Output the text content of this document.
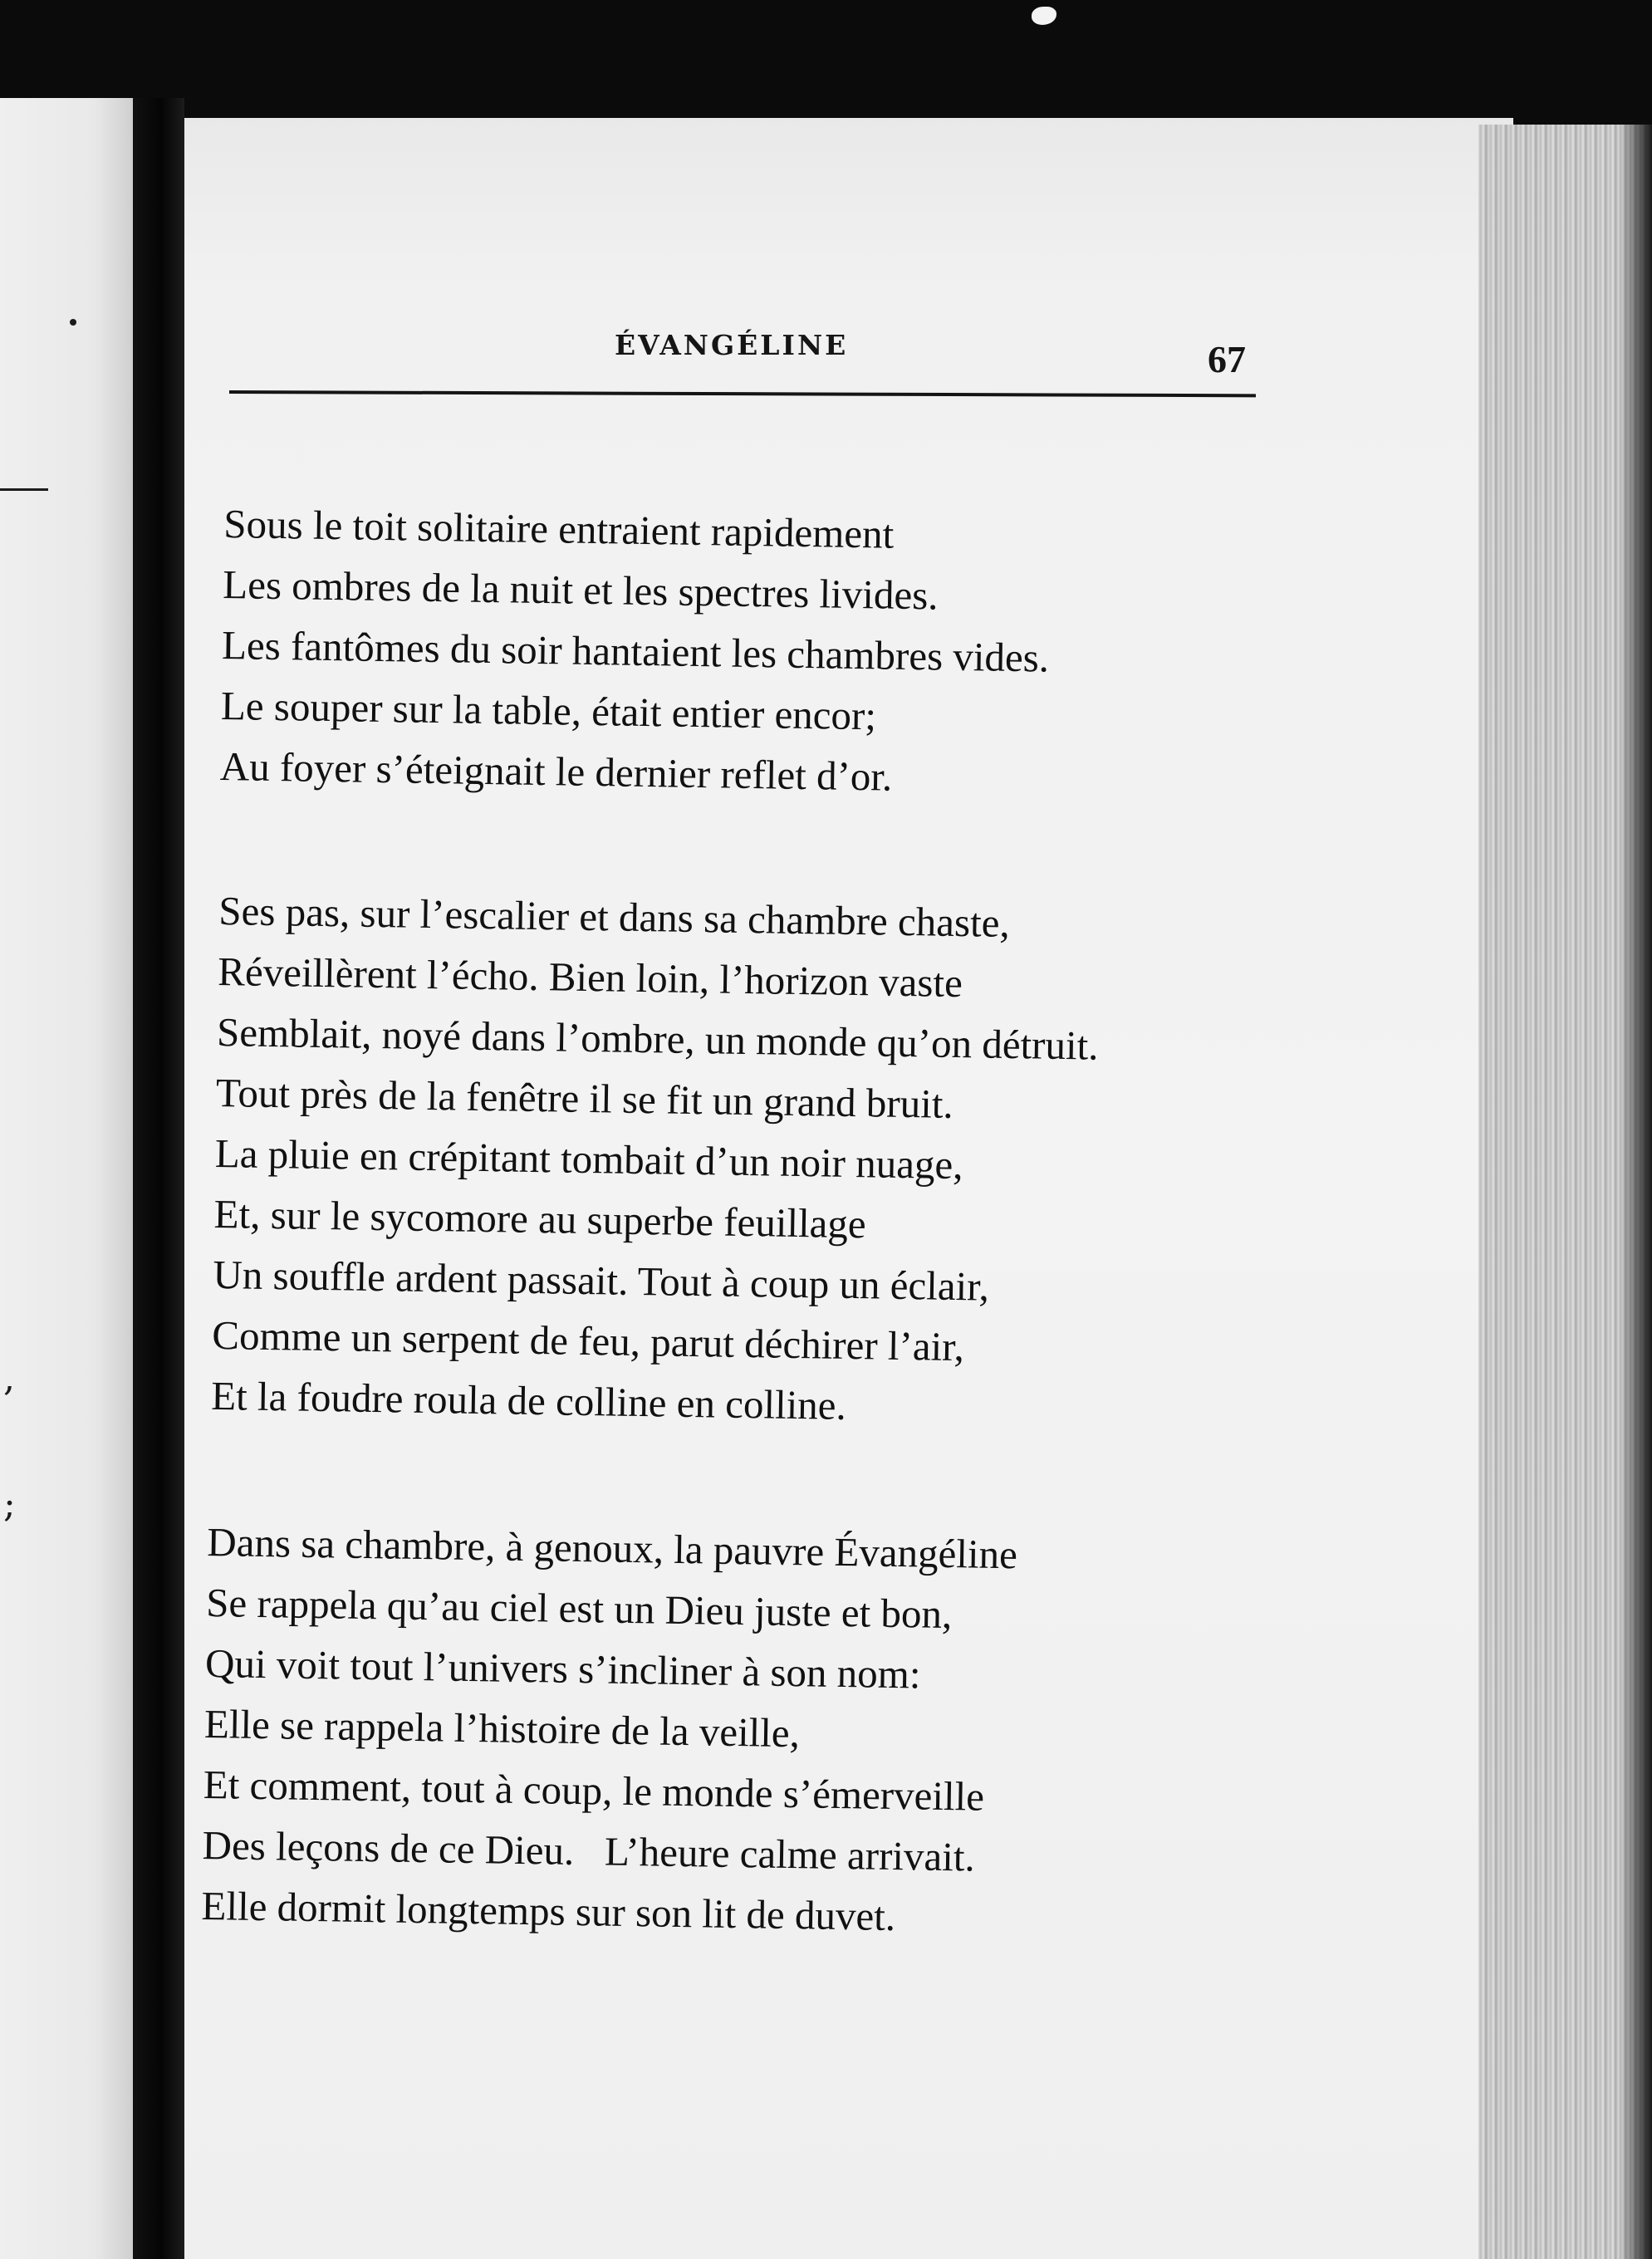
,
;
ÉVANGÉLINE	67

Sous le toit solitaire entraient rapidement

Les ombres de la nuit et les spectres livides.

Les fantômes du soir hantaient les chambres vides.

Le souper sur la table, était entier encor;

Au foyer s’éteignait le dernier reflet d’or.

Ses pas, sur l’escalier et dans sa chambre chaste,

Réveillèrent l’écho. Bien loin, l’horizon vaste

Semblait, noyé dans l’ombre, un monde qu’on détruit.

Tout près de la fenêtre il se fit un grand bruit.

La pluie en crépitant tombait d’un noir nuage,

Et, sur le sycomore au superbe feuillage

Un souffle ardent passait. Tout à coup un éclair,

Comme un serpent de feu, parut déchirer l’air,

Et la foudre roula de colline en colline.

Dans sa chambre, à genoux, la pauvre Évangéline

Se rappela qu’au ciel est un Dieu juste et bon,

Qui voit tout l’univers s’incliner à son nom:

Elle se rappela l’histoire de la veille,

Et comment, tout à coup, le monde s’émerveille

Des leçons de ce Dieu.   L’heure calme arrivait.

Elle dormit longtemps sur son lit de duvet.
